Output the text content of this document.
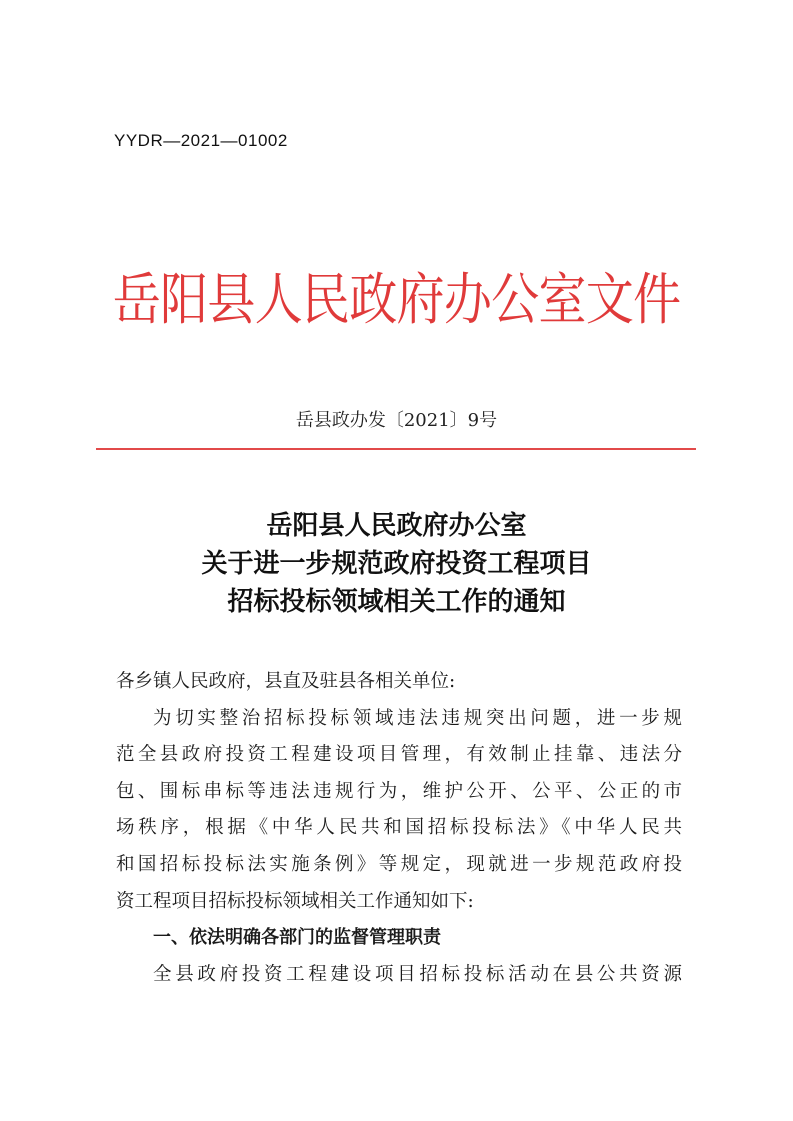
YYDR—2021—01002
岳阳县人民政府办公室文件
岳县政办发〔2021〕9号
岳阳县人民政府办公室
关于进一步规范政府投资工程项目
招标投标领域相关工作的通知
各乡镇人民政府，县直及驻县各相关单位:
为切实整治招标投标领域违法违规突出问题，进一步规
范全县政府投资工程建设项目管理，有效制止挂靠、违法分
包、围标串标等违法违规行为，维护公开、公平、公正的市
场秩序，根据《中华人民共和国招标投标法》《中华人民共
和国招标投标法实施条例》等规定，现就进一步规范政府投
资工程项目招标投标领域相关工作通知如下:
一、依法明确各部门的监督管理职责
全县政府投资工程建设项目招标投标活动在县公共资源
